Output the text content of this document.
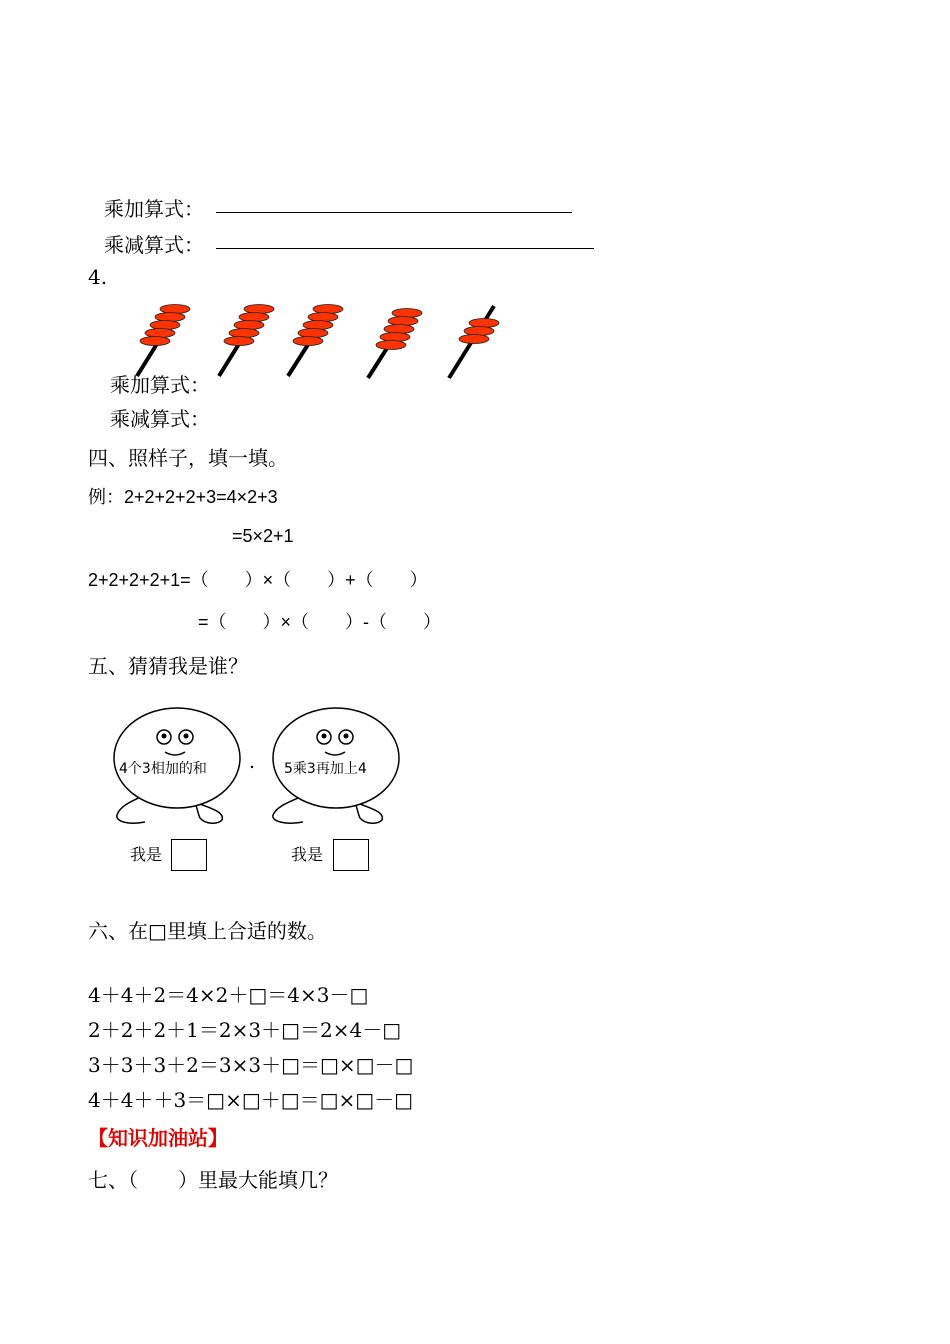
乘加算式：
乘减算式：
4.
乘加算式：
乘减算式：
四、照样子，填一填。
例：2+2+2+2+3=4×2+3
=5×2+1
2+2+2+2+1=（　　）×（　　）+（　　）
=（　　）×（　　）-（　　）
五、猜猜我是谁？
4个3相加的和	5乘3再加上4
我是	我是
六、在□里填上合适的数。
4＋4＋2＝4×2＋□＝4×3－□
2＋2＋2＋1＝2×3＋□＝2×4－□
3＋3＋3＋2＝3×3＋□＝□×□－□
4＋4＋＋3＝□×□＋□＝□×□－□
【知识加油站】
七、（　　）里最大能填几？
